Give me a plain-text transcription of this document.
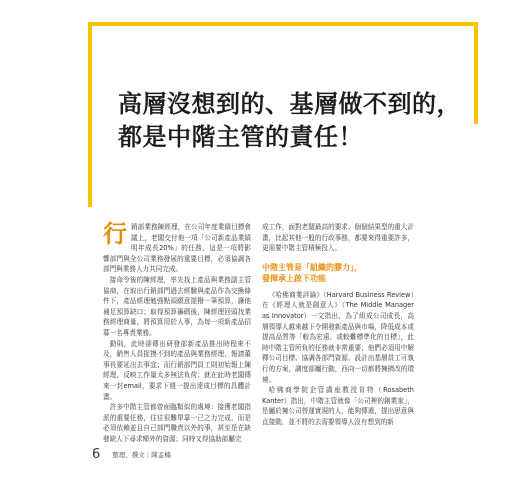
高層沒想到的、基層做不到的，
都是中階主管的責任！

行銷部業務陳經理，在公司年度業績目標會議上，老闆交付他一項「公司新產品業績明年成長20%」的任務，這是一項將影響部門與全公司業務發展的重要目標，必須協調各部門與業務人力共同完成。

接命令後的陳經理，率先找上產品與業務副主管協商，在取出行銷部門過去經驗與產品作為交換條件下，產品經理勉強點頭願意提撥一筆預算，讓他補足預算缺口；取得預算籌碼後，陳經理回頭找業務經理商量，將預算用於人事，為每一項新產品招募一名專責業務。

動則，此時卻傳出研發部新產品推出時程來不及，銷售人員捉摸不到的產品與業務經理，報請董事長要延出去事宜；而行銷部門員工則初始報上陳經理，反映工作量太多無法負荷；就在此時老闆傳來一封email，要求下週一提出達成目標的具體計畫。

許多中階主管都曾面臨類似的處境：接獲老闆指派的重要任務，往往很難單靠一己之力完成，而是必須依賴並且自己部門職責以外的事，甚至是在缺發缺人下尋求額外的資源；同時又得協助部屬完

成工作，面對老闆最高的要求、個個結果型的重大計畫，比起其他一般的行政事務，都要來得重要許多，更需要中階主管積極投入。

中階主管是「組織的膠力」，
發揮承上啟下功能

《哈佛商業評論》（Harvard Business Review）在《經理人就是創意人》（The Middle Manager as Innovator）一文指出，為了組成公司成長，高層領導人越來越下令開發新產品與市場，降低成本或提高品質等「較為宏遠、或較難標準化的目標」，此時中階主管所負的任務就非常重要；他們必須用中解釋公司目標、協調各部門資源、設計出基層員工可執行的方案，調度部屬行動，西向一切都將擁擠改的環境。

哈佛商學院企管講座教授肯特（Rosabeth Kanter）指出，中階主管就像「公司裡的創業家」，是屬於擁公司營運實現的人，能夠傳遞，提出思意與直接動，並不將的去需要領導人沒有想到的新

6 整理、撰文｜陳孟楠
